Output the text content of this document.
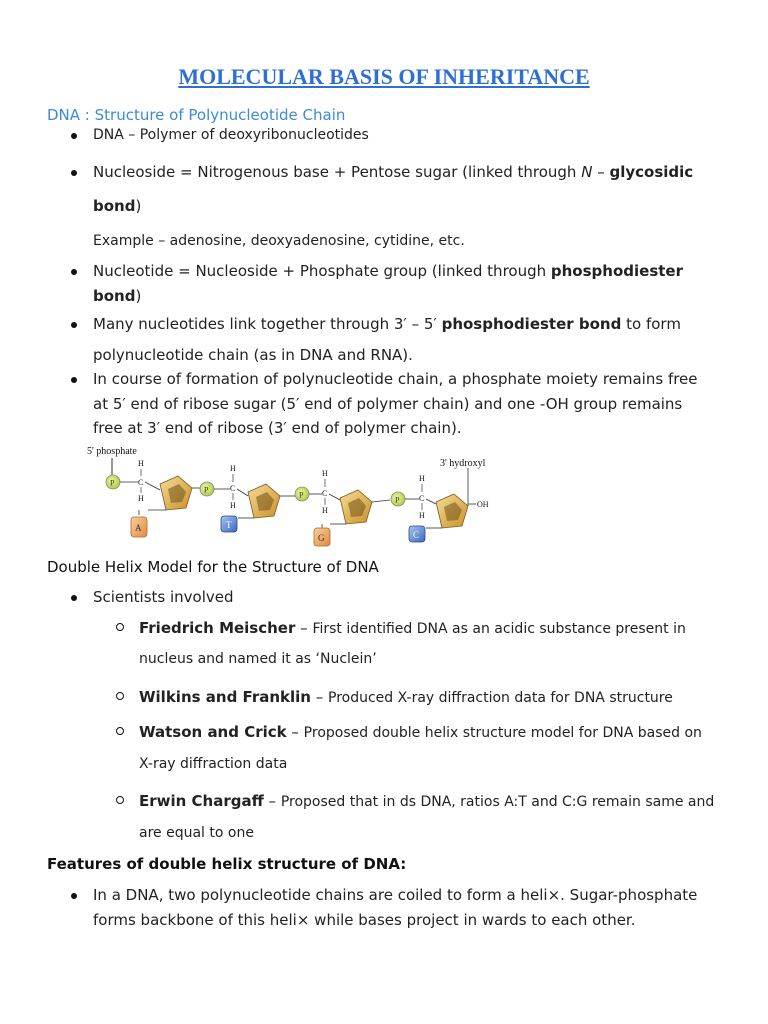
MOLECULAR BASIS OF INHERITANCE
DNA : Structure of Polynucleotide Chain
DNA – Polymer of deoxyribonucleotides
Nucleoside = Nitrogenous base + Pentose sugar (linked through N – glycosidic
bond)
Example – adenosine, deoxyadenosine, cytidine, etc.
Nucleotide = Nucleoside + Phosphate group (linked through phosphodiester
bond)
Many nucleotides link together through 3′ – 5′ phosphodiester bond to form
polynucleotide chain (as in DNA and RNA).
In course of formation of polynucleotide chain, a phosphate moiety remains free
at 5′ end of ribose sugar (5′ end of polymer chain) and one -OH group remains
free at 3′ end of ribose (3′ end of polymer chain).
5' phosphate
P
H
C
H
A
P
H
C
H
T
P
H
C
H
G
P
H
C
H
OH
C
3' hydroxyl
Double Helix Model for the Structure of DNA
Scientists involved
Friedrich Meischer – First identified DNA as an acidic substance present in
nucleus and named it as ‘Nuclein’
Wilkins and Franklin – Produced X-ray diffraction data for DNA structure
Watson and Crick – Proposed double helix structure model for DNA based on
X-ray diffraction data
Erwin Chargaff – Proposed that in ds DNA, ratios A:T and C:G remain same and
are equal to one
Features of double helix structure of DNA:
In a DNA, two polynucleotide chains are coiled to form a heli×. Sugar-phosphate
forms backbone of this heli× while bases project in wards to each other.
